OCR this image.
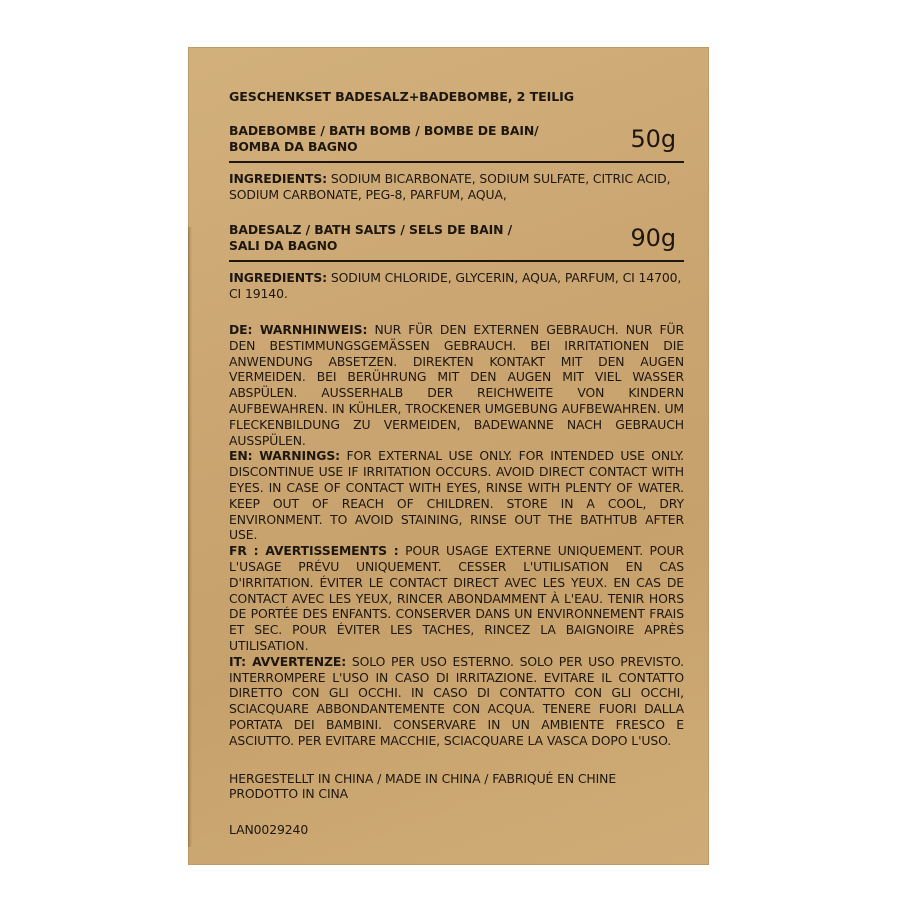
GESCHENKSET BADESALZ+BADEBOMBE, 2 TEILIG
BADEBOMBE / BATH BOMB / BOMBE DE BAIN/
BOMBA DA BAGNO	50g
INGREDIENTS: SODIUM BICARBONATE, SODIUM SULFATE, CITRIC ACID, SODIUM CARBONATE, PEG-8, PARFUM, AQUA,
BADESALZ / BATH SALTS / SELS DE BAIN /
SALI DA BAGNO	90g
INGREDIENTS: SODIUM CHLORIDE, GLYCERIN, AQUA, PARFUM, CI 14700, CI 19140.

DE: WARNHINWEIS: NUR FÜR DEN EXTERNEN GEBRAUCH. NUR FÜR DEN BESTIMMUNGSGEMÄSSEN GEBRAUCH. BEI IRRITATIONEN DIE ANWENDUNG ABSETZEN. DIREKTEN KONTAKT MIT DEN AUGEN VERMEIDEN. BEI BERÜHRUNG MIT DEN AUGEN MIT VIEL WASSER ABSPÜLEN. AUSSERHALB DER REICHWEITE VON KINDERN AUFBEWAHREN. IN KÜHLER, TROCKENER UMGEBUNG AUFBEWAHREN. UM FLECKENBILDUNG ZU VERMEIDEN, BADEWANNE NACH GEBRAUCH AUSSPÜLEN.

EN: WARNINGS: FOR EXTERNAL USE ONLY. FOR INTENDED USE ONLY. DISCONTINUE USE IF IRRITATION OCCURS. AVOID DIRECT CONTACT WITH EYES. IN CASE OF CONTACT WITH EYES, RINSE WITH PLENTY OF WATER. KEEP OUT OF REACH OF CHILDREN. STORE IN A COOL, DRY ENVIRONMENT. TO AVOID STAINING, RINSE OUT THE BATHTUB AFTER USE.

FR : AVERTISSEMENTS : POUR USAGE EXTERNE UNIQUEMENT. POUR L'USAGE PRÉVU UNIQUEMENT. CESSER L'UTILISATION EN CAS D'IRRITATION. ÉVITER LE CONTACT DIRECT AVEC LES YEUX. EN CAS DE CONTACT AVEC LES YEUX, RINCER ABONDAMMENT À L'EAU. TENIR HORS DE PORTÉE DES ENFANTS. CONSERVER DANS UN ENVIRONNEMENT FRAIS ET SEC. POUR ÉVITER LES TACHES, RINCEZ LA BAIGNOIRE APRÈS UTILISATION.

IT: AVVERTENZE: SOLO PER USO ESTERNO. SOLO PER USO PREVISTO. INTERROMPERE L'USO IN CASO DI IRRITAZIONE. EVITARE IL CONTATTO DIRETTO CON GLI OCCHI. IN CASO DI CONTATTO CON GLI OCCHI, SCIACQUARE ABBONDANTEMENTE CON ACQUA. TENERE FUORI DALLA PORTATA DEI BAMBINI. CONSERVARE IN UN AMBIENTE FRESCO E ASCIUTTO. PER EVITARE MACCHIE, SCIACQUARE LA VASCA DOPO L'USO.

HERGESTELLT IN CHINA / MADE IN CHINA / FABRIQUÉ EN CHINE
PRODOTTO IN CINA
LAN0029240
